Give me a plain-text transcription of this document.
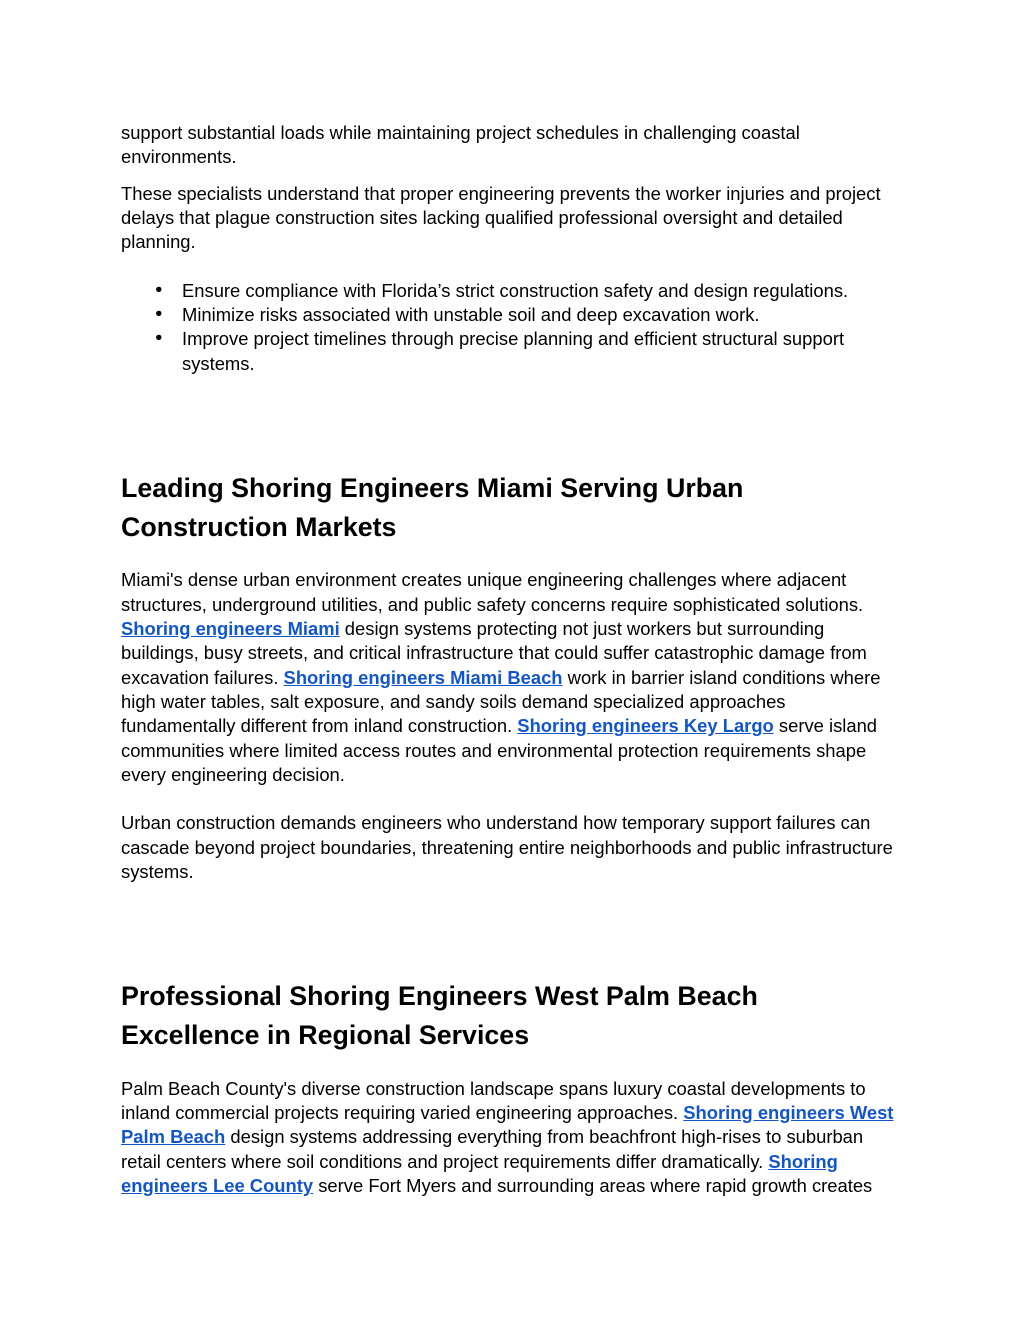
support substantial loads while maintaining project schedules in challenging coastal environments.

These specialists understand that proper engineering prevents the worker injuries and project delays that plague construction sites lacking qualified professional oversight and detailed planning.

● Ensure compliance with Florida’s strict construction safety and design regulations.
● Minimize risks associated with unstable soil and deep excavation work.
● Improve project timelines through precise planning and efficient structural support systems.
Leading Shoring Engineers Miami Serving Urban Construction Markets

Miami's dense urban environment creates unique engineering challenges where adjacent structures, underground utilities, and public safety concerns require sophisticated solutions. Shoring engineers Miami design systems protecting not just workers but surrounding buildings, busy streets, and critical infrastructure that could suffer catastrophic damage from excavation failures. Shoring engineers Miami Beach work in barrier island conditions where high water tables, salt exposure, and sandy soils demand specialized approaches fundamentally different from inland construction. Shoring engineers Key Largo serve island communities where limited access routes and environmental protection requirements shape every engineering decision.

Urban construction demands engineers who understand how temporary support failures can cascade beyond project boundaries, threatening entire neighborhoods and public infrastructure systems.

Professional Shoring Engineers West Palm Beach Excellence in Regional Services

Palm Beach County's diverse construction landscape spans luxury coastal developments to inland commercial projects requiring varied engineering approaches. Shoring engineers West Palm Beach design systems addressing everything from beachfront high-rises to suburban retail centers where soil conditions and project requirements differ dramatically. Shoring engineers Lee County serve Fort Myers and surrounding areas where rapid growth creates
